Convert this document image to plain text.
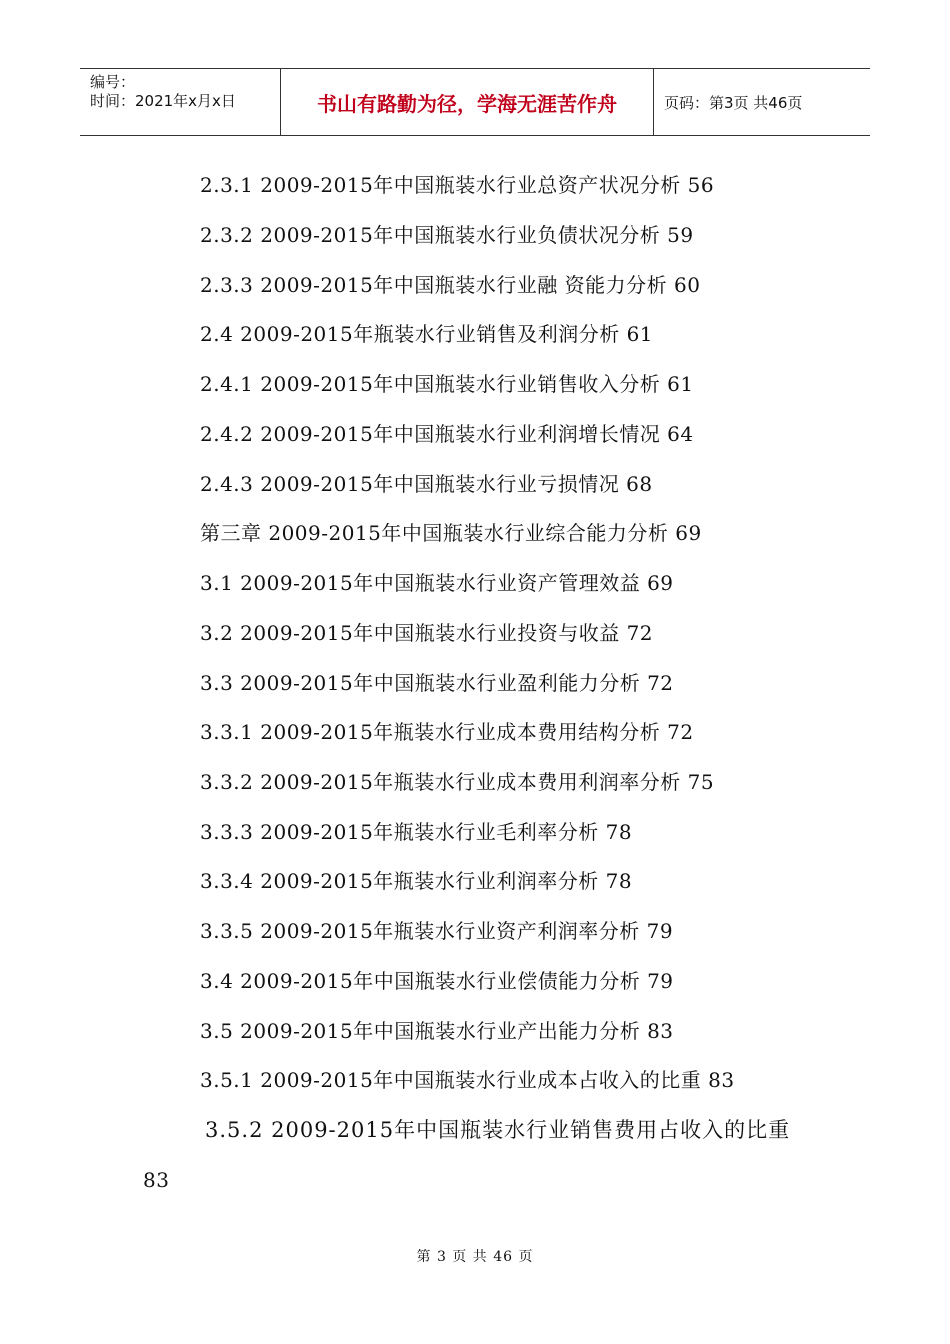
编号：
时间：2021年x月x日	书山有路勤为径，学海无涯苦作舟	页码：第3页 共46页
2.3.1 2009-2015年中国瓶装水行业总资产状况分析 56
2.3.2 2009-2015年中国瓶装水行业负债状况分析 59
2.3.3 2009-2015年中国瓶装水行业融 资能力分析 60
2.4 2009-2015年瓶装水行业销售及利润分析 61
2.4.1 2009-2015年中国瓶装水行业销售收入分析 61
2.4.2 2009-2015年中国瓶装水行业利润增长情况 64
2.4.3 2009-2015年中国瓶装水行业亏损情况 68
第三章 2009-2015年中国瓶装水行业综合能力分析 69
3.1 2009-2015年中国瓶装水行业资产管理效益 69
3.2 2009-2015年中国瓶装水行业投资与收益 72
3.3 2009-2015年中国瓶装水行业盈利能力分析 72
3.3.1 2009-2015年瓶装水行业成本费用结构分析 72
3.3.2 2009-2015年瓶装水行业成本费用利润率分析 75
3.3.3 2009-2015年瓶装水行业毛利率分析 78
3.3.4 2009-2015年瓶装水行业利润率分析 78
3.3.5 2009-2015年瓶装水行业资产利润率分析 79
3.4 2009-2015年中国瓶装水行业偿债能力分析 79
3.5 2009-2015年中国瓶装水行业产出能力分析 83
3.5.1 2009-2015年中国瓶装水行业成本占收入的比重 83
3.5.2 2009-2015年中国瓶装水行业销售费用占收入的比重
83
第 3 页 共 46 页
